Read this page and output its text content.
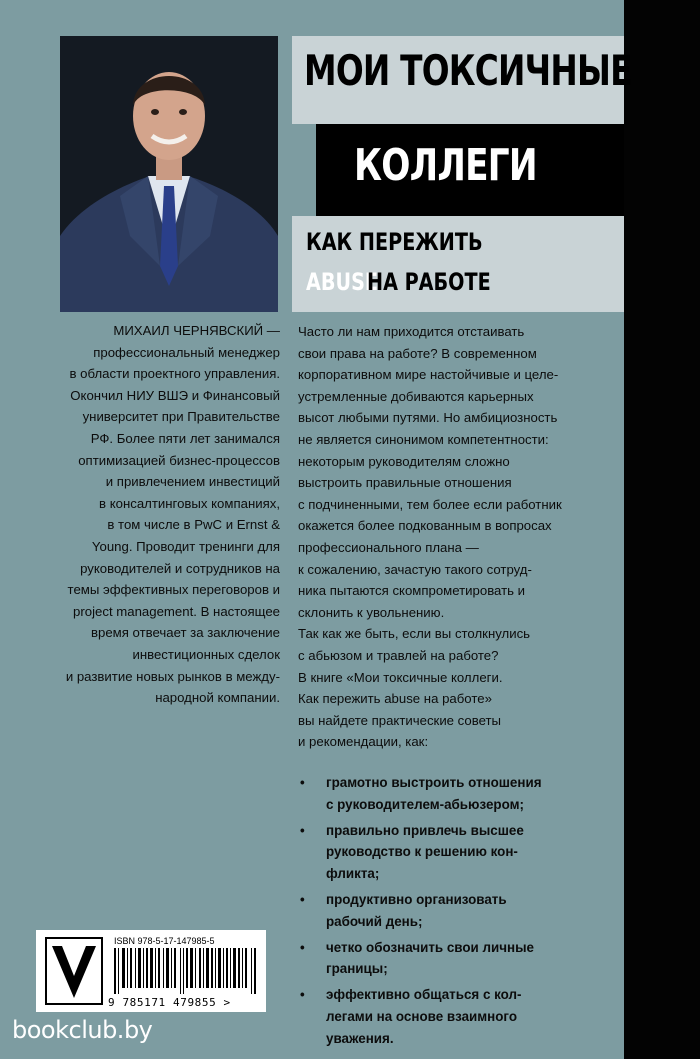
МОИ ТОКСИЧНЫЕ
КОЛЛЕГИ
КАК ПЕРЕЖИТЬ
ABUSE
НА РАБОТЕ
МИХАИЛ ЧЕРНЯВСКИЙ —
профессиональный менеджер
в области проектного управления.
Окончил НИУ ВШЭ и Финансовый
университет при Правительстве
РФ. Более пяти лет занимался
оптимизацией бизнес-процессов
и привлечением инвестиций
в консалтинговых компаниях,
в том числе в PwC и Ernst &
Young. Проводит тренинги для
руководителей и сотрудников на
темы эффективных переговоров и
project management. В настоящее
время отвечает за заключение
инвестиционных сделок
и развитие новых рынков в между-
народной компании.
Часто ли нам приходится отстаивать
свои права на работе? В современном
корпоративном мире настойчивые и целе-
устремленные добиваются карьерных
высот любыми путями. Но амбициозность
не является синонимом компетентности:
некоторым руководителям сложно
выстроить правильные отношения
с подчиненными, тем более если работник
окажется более подкованным в вопросах
профессионального плана —
к сожалению, зачастую такого сотруд-
ника пытаются скомпрометировать и
склонить к увольнению.
Так как же быть, если вы столкнулись
с абьюзом и травлей на работе?
В книге «Мои токсичные коллеги.
Как пережить abuse на работе»
вы найдете практические советы
и рекомендации, как:
• грамотно выстроить отношения
с руководителем-абьюзером;
• правильно привлечь высшее
руководство к решению кон-
фликта;
• продуктивно организовать
рабочий день;
• четко обозначить свои личные
границы;
• эффективно общаться с кол-
легами на основе взаимного
уважения.
ISBN 978-5-17-147985-5
9 785171 479855 >
bookclub.by
